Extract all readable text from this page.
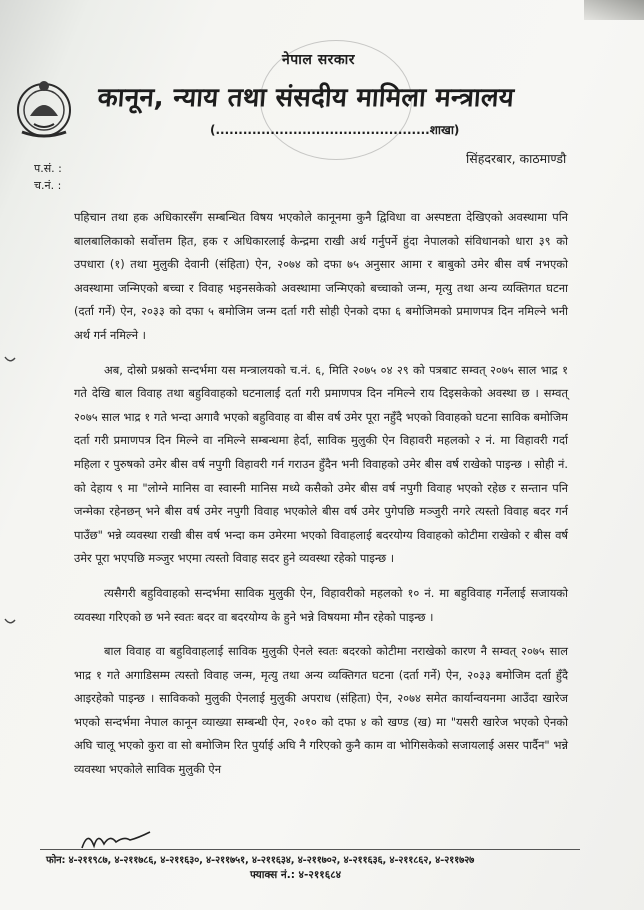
नेपाल सरकार
कानून, न्याय तथा संसदीय मामिला मन्त्रालय
(...............................................शाखा)
सिंहदरबार, काठमाण्डौ
प.सं. :
च.नं. :

पहिचान तथा हक अधिकारसँग सम्बन्धित विषय भएकोले कानूनमा कुनै द्विविधा वा अस्पष्टता देखिएको अवस्थामा पनि बालबालिकाको सर्वोत्तम हित, हक र अधिकारलाई केन्द्रमा राखी अर्थ गर्नुपर्ने हुंदा नेपालको संविधानको धारा ३९ को उपधारा (१) तथा मुलुकी देवानी (संहिता) ऐन, २०७४ को दफा ७५ अनुसार आमा र बाबुको उमेर बीस वर्ष नभएको अवस्थामा जन्मिएको बच्चा र विवाह भइनसकेको अवस्थामा जन्मिएको बच्चाको जन्म, मृत्यु तथा अन्य व्यक्तिगत घटना (दर्ता गर्ने) ऐन, २०३३ को दफा ५ बमोजिम जन्म दर्ता गरी सोही ऐनको दफा ६ बमोजिमको प्रमाणपत्र दिन नमिल्ने भनी अर्थ गर्न नमिल्ने ।

अब, दोस्रो प्रश्नको सन्दर्भमा यस मन्त्रालयको च.नं. ६, मिति २०७५ ०४ २९ को पत्रबाट सम्वत् २०७५ साल भाद्र १ गते देखि बाल विवाह तथा बहुविवाहको घटनालाई दर्ता गरी प्रमाणपत्र दिन नमिल्ने राय दिइसकेको अवस्था छ । सम्वत् २०७५ साल भाद्र १ गते भन्दा अगावै भएको बहुविवाह वा बीस वर्ष उमेर पूरा नहुँदै भएको विवाहको घटना साविक बमोजिम दर्ता गरी प्रमाणपत्र दिन मिल्ने वा नमिल्ने सम्बन्धमा हेर्दा, साविक मुलुकी ऐन विहावरी महलको २ नं. मा विहावरी गर्दा महिला र पुरुषको उमेर बीस वर्ष नपुगी विहावरी गर्न गराउन हुँदैन भनी विवाहको उमेर बीस वर्ष राखेको पाइन्छ । सोही नं. को देहाय ९ मा "लोग्ने मानिस वा स्वास्नी मानिस मध्ये कसैको उमेर बीस वर्ष नपुगी विवाह भएको रहेछ र सन्तान पनि जन्मेका रहेनछन् भने बीस वर्ष उमेर नपुगी विवाह भएकोले बीस वर्ष उमेर पुगेपछि मञ्जुरी नगरे त्यस्तो विवाह बदर गर्न पाउँछ" भन्ने व्यवस्था राखी बीस वर्ष भन्दा कम उमेरमा भएको विवाहलाई बदरयोग्य विवाहको कोटीमा राखेको र बीस वर्ष उमेर पूरा भएपछि मञ्जुर भएमा त्यस्तो विवाह सदर हुने व्यवस्था रहेको पाइन्छ ।

त्यसैगरी बहुविवाहको सन्दर्भमा साविक मुलुकी ऐन, विहावरीको महलको १० नं. मा बहुविवाह गर्नेलाई सजायको व्यवस्था गरिएको छ भने स्वतः बदर वा बदरयोग्य के हुने भन्ने विषयमा मौन रहेको पाइन्छ ।

बाल विवाह वा बहुविवाहलाई साविक मुलुकी ऐनले स्वतः बदरको कोटीमा नराखेको कारण नै सम्वत् २०७५ साल भाद्र १ गते अगाडिसम्म त्यस्तो विवाह जन्म, मृत्यु तथा अन्य व्यक्तिगत घटना (दर्ता गर्ने) ऐन, २०३३ बमोजिम दर्ता हुँदै आइरहेको पाइन्छ । साविकको मुलुकी ऐनलाई मुलुकी अपराध (संहिता) ऐन, २०७४ समेत कार्यान्वयनमा आउँदा खारेज भएको सन्दर्भमा नेपाल कानून व्याख्या सम्बन्धी ऐन, २०१० को दफा ४ को खण्ड (ख) मा "यसरी खारेज भएको ऐनको अघि चालू भएको कुरा वा सो बमोजिम रित पुर्याई अघि नै गरिएको कुनै काम वा भोगिसकेको सजायलाई असर पार्दैन" भन्ने व्यवस्था भएकोले साविक मुलुकी ऐन

फोन: ४-२११९८७, ४-२११७८६, ४-२११६३०, ४-२११७५१, ४-२११६३४, ४-२११७०२, ४-२११६३६, ४-२११८६२, ४-२११७२७
फ्याक्स नं.: ४-२११६८४
